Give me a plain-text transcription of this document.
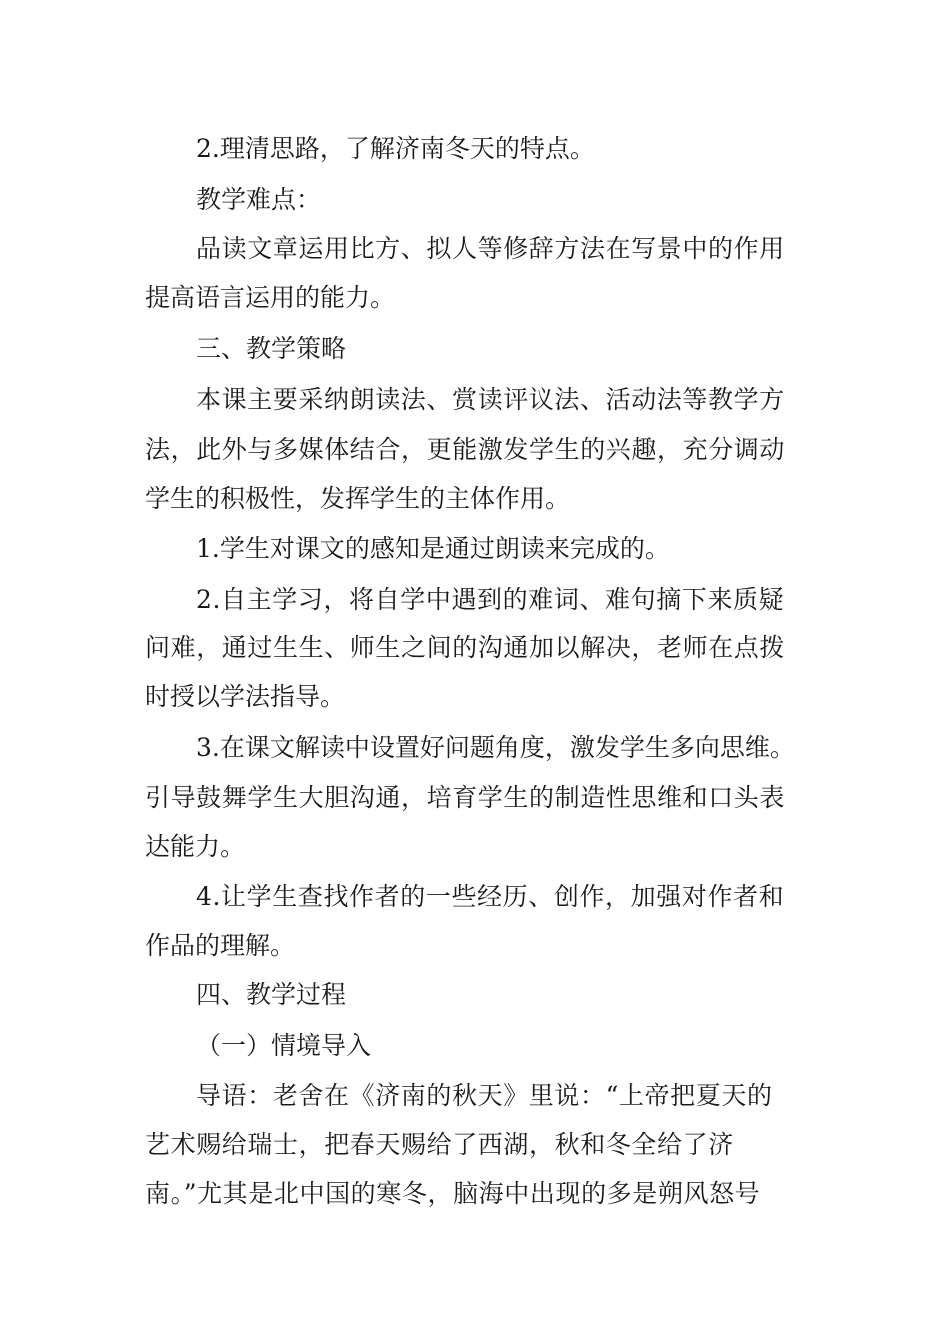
2.理清思路，了解济南冬天的特点。
教学难点：
品读文章运用比方、拟人等修辞方法在写景中的作用
提高语言运用的能力。
三、教学策略
本课主要采纳朗读法、赏读评议法、活动法等教学方
法，此外与多媒体结合，更能激发学生的兴趣，充分调动
学生的积极性，发挥学生的主体作用。
1.学生对课文的感知是通过朗读来完成的。
2.自主学习，将自学中遇到的难词、难句摘下来质疑
问难，通过生生、师生之间的沟通加以解决，老师在点拨
时授以学法指导。
3.在课文解读中设置好问题角度，激发学生多向思维。
引导鼓舞学生大胆沟通，培育学生的制造性思维和口头表
达能力。
4.让学生查找作者的一些经历、创作，加强对作者和
作品的理解。
四、教学过程
（一）情境导入
导语：老舍在《济南的秋天》里说：“上帝把夏天的
艺术赐给瑞士，把春天赐给了西湖，秋和冬全给了济
南。”尤其是北中国的寒冬，脑海中出现的多是朔风怒号
